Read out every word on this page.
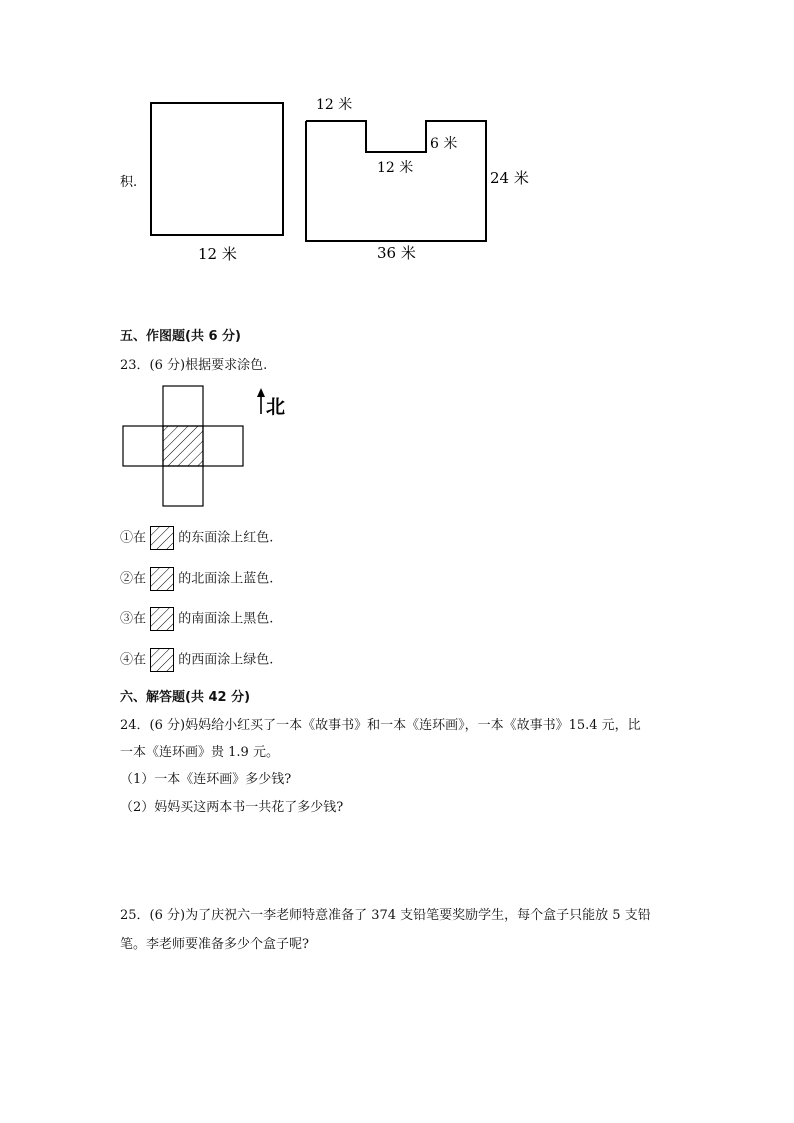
积.
12 米
12 米
12 米
6 米
24 米
36 米
五、作图题(共 6 分)
23．(6 分)根据要求涂色.
北
①在 的东面涂上红色.
②在 的北面涂上蓝色.
③在 的南面涂上黑色.
④在 的西面涂上绿色.
六、解答题(共 42 分)
24．(6 分)妈妈给小红买了一本《故事书》和一本《连环画》，一本《故事书》15.4 元，比
一本《连环画》贵 1.9 元。
（1）一本《连环画》多少钱?
（2）妈妈买这两本书一共花了多少钱?
25．(6 分)为了庆祝六一李老师特意准备了 374 支铅笔要奖励学生，每个盒子只能放 5 支铅
笔。李老师要准备多少个盒子呢?
